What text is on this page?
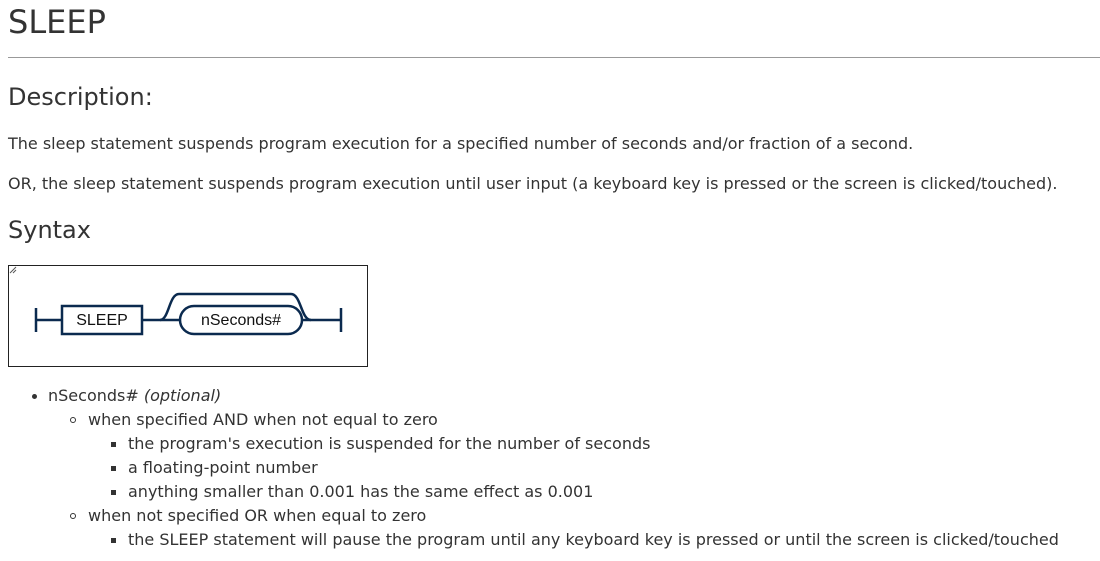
SLEEP
Description:

The sleep statement suspends program execution for a specified number of seconds and/or fraction of a second.

OR, the sleep statement suspends program execution until user input (a keyboard key is pressed or the screen is clicked/touched).

Syntax
SLEEP	nSeconds#
nSeconds# (optional)
when specified AND when not equal to zero
the program's execution is suspended for the number of seconds
a floating-point number
anything smaller than 0.001 has the same effect as 0.001
when not specified OR when equal to zero
the SLEEP statement will pause the program until any keyboard key is pressed or until the screen is clicked/touched
